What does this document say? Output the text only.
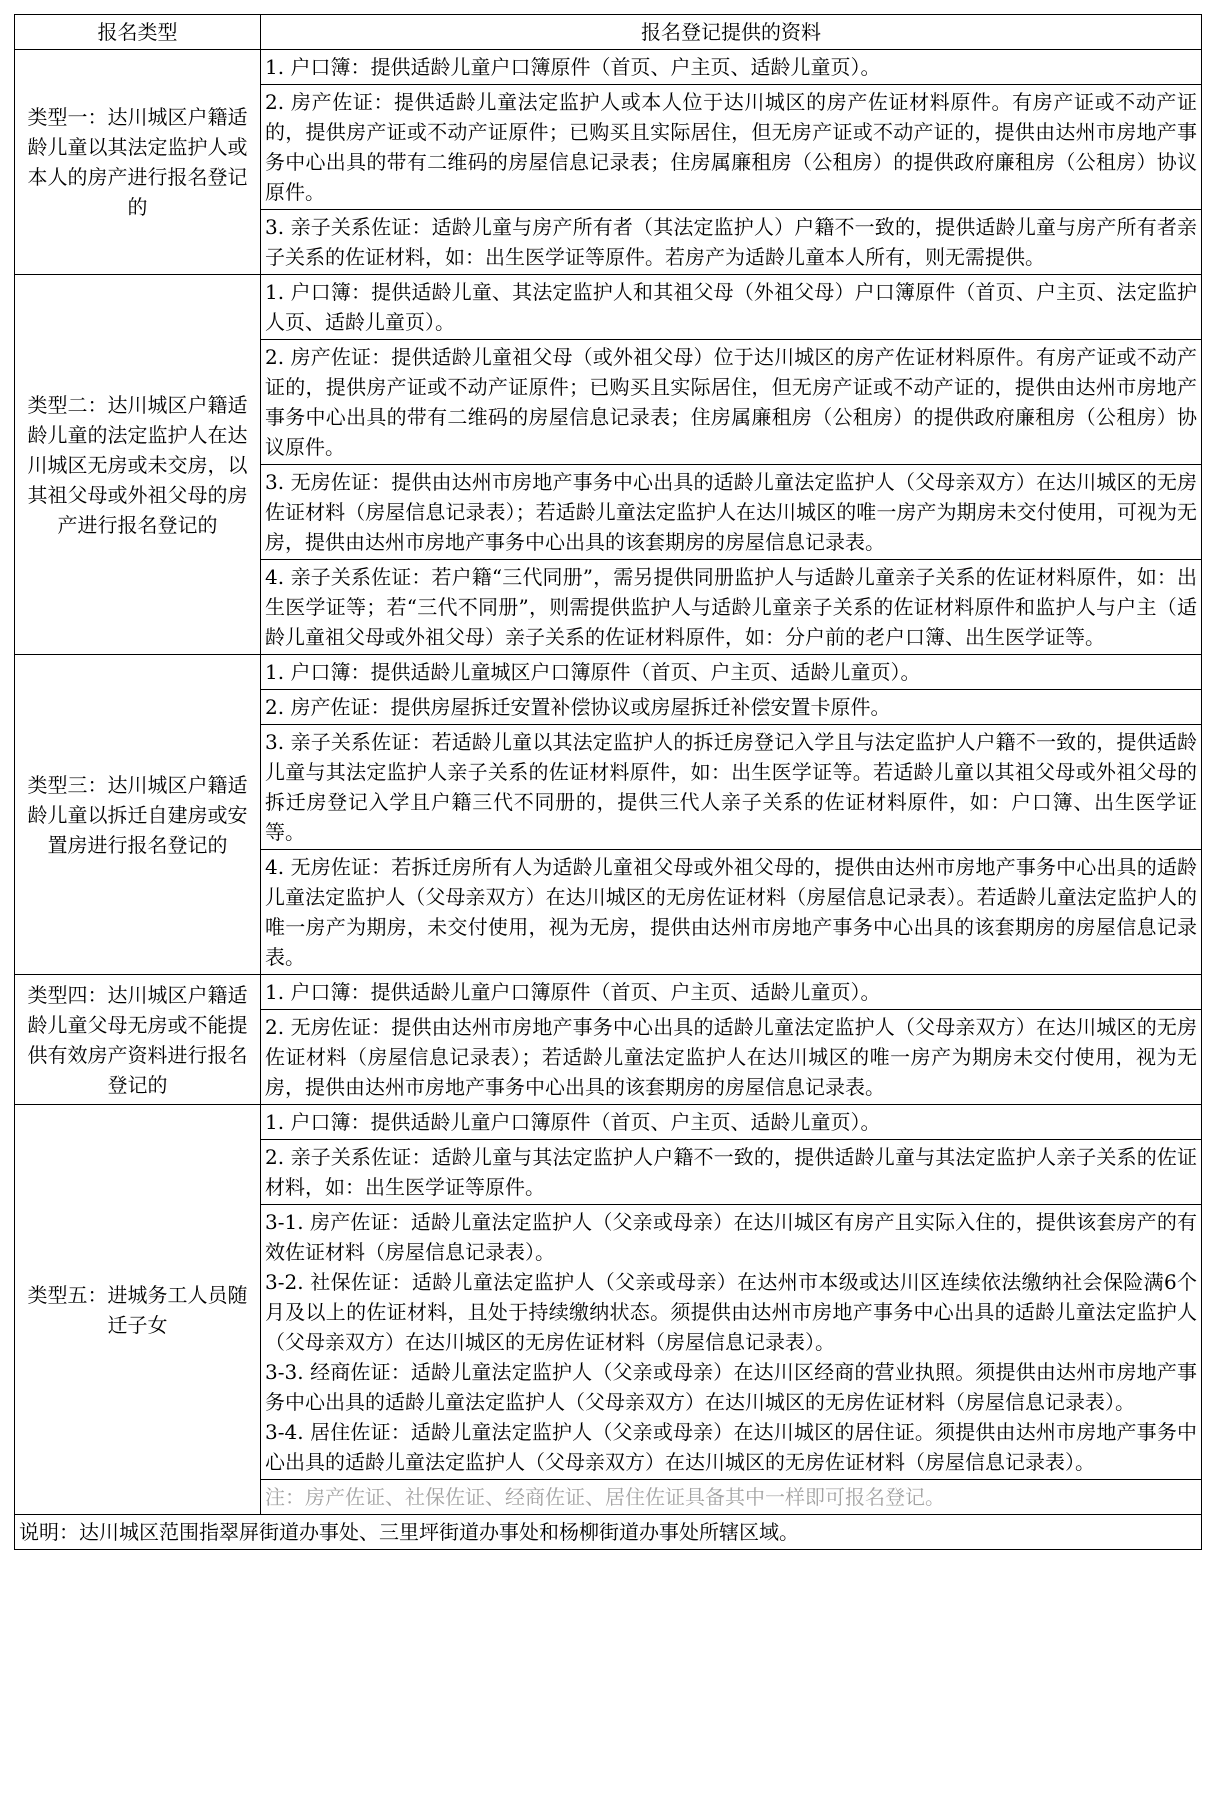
报名类型	报名登记提供的资料
类型一：达川城区户籍适龄儿童以其法定监护人或本人的房产进行报名登记的	1. 户口簿：提供适龄儿童户口簿原件（首页、户主页、适龄儿童页）。
	2. 房产佐证：提供适龄儿童法定监护人或本人位于达川城区的房产佐证材料原件。有房产证或不动产证的，提供房产证或不动产证原件；已购买且实际居住，但无房产证或不动产证的，提供由达州市房地产事务中心出具的带有二维码的房屋信息记录表；住房属廉租房（公租房）的提供政府廉租房（公租房）协议原件。
	3. 亲子关系佐证：适龄儿童与房产所有者（其法定监护人）户籍不一致的，提供适龄儿童与房产所有者亲子关系的佐证材料，如：出生医学证等原件。若房产为适龄儿童本人所有，则无需提供。
类型二：达川城区户籍适龄儿童的法定监护人在达川城区无房或未交房，以其祖父母或外祖父母的房产进行报名登记的	1. 户口簿：提供适龄儿童、其法定监护人和其祖父母（外祖父母）户口簿原件（首页、户主页、法定监护人页、适龄儿童页）。
	2. 房产佐证：提供适龄儿童祖父母（或外祖父母）位于达川城区的房产佐证材料原件。有房产证或不动产证的，提供房产证或不动产证原件；已购买且实际居住，但无房产证或不动产证的，提供由达州市房地产事务中心出具的带有二维码的房屋信息记录表；住房属廉租房（公租房）的提供政府廉租房（公租房）协议原件。
	3. 无房佐证：提供由达州市房地产事务中心出具的适龄儿童法定监护人（父母亲双方）在达川城区的无房佐证材料（房屋信息记录表）；若适龄儿童法定监护人在达川城区的唯一房产为期房未交付使用，可视为无房，提供由达州市房地产事务中心出具的该套期房的房屋信息记录表。
	4. 亲子关系佐证：若户籍“三代同册”，需另提供同册监护人与适龄儿童亲子关系的佐证材料原件，如：出生医学证等；若“三代不同册”，则需提供监护人与适龄儿童亲子关系的佐证材料原件和监护人与户主（适龄儿童祖父母或外祖父母）亲子关系的佐证材料原件，如：分户前的老户口簿、出生医学证等。
类型三：达川城区户籍适龄儿童以拆迁自建房或安置房进行报名登记的	1. 户口簿：提供适龄儿童城区户口簿原件（首页、户主页、适龄儿童页）。
	2. 房产佐证：提供房屋拆迁安置补偿协议或房屋拆迁补偿安置卡原件。
	3. 亲子关系佐证：若适龄儿童以其法定监护人的拆迁房登记入学且与法定监护人户籍不一致的，提供适龄儿童与其法定监护人亲子关系的佐证材料原件，如：出生医学证等。若适龄儿童以其祖父母或外祖父母的拆迁房登记入学且户籍三代不同册的，提供三代人亲子关系的佐证材料原件，如：户口簿、出生医学证等。
	4. 无房佐证：若拆迁房所有人为适龄儿童祖父母或外祖父母的，提供由达州市房地产事务中心出具的适龄儿童法定监护人（父母亲双方）在达川城区的无房佐证材料（房屋信息记录表）。若适龄儿童法定监护人的唯一房产为期房，未交付使用，视为无房，提供由达州市房地产事务中心出具的该套期房的房屋信息记录表。
类型四：达川城区户籍适龄儿童父母无房或不能提供有效房产资料进行报名登记的	1. 户口簿：提供适龄儿童户口簿原件（首页、户主页、适龄儿童页）。
	2. 无房佐证：提供由达州市房地产事务中心出具的适龄儿童法定监护人（父母亲双方）在达川城区的无房佐证材料（房屋信息记录表）；若适龄儿童法定监护人在达川城区的唯一房产为期房未交付使用，视为无房，提供由达州市房地产事务中心出具的该套期房的房屋信息记录表。
类型五：进城务工人员随迁子女	1. 户口簿：提供适龄儿童户口簿原件（首页、户主页、适龄儿童页）。
	2. 亲子关系佐证：适龄儿童与其法定监护人户籍不一致的，提供适龄儿童与其法定监护人亲子关系的佐证材料，如：出生医学证等原件。
	3-1. 房产佐证：适龄儿童法定监护人（父亲或母亲）在达川城区有房产且实际入住的，提供该套房产的有效佐证材料（房屋信息记录表）。
3-2. 社保佐证：适龄儿童法定监护人（父亲或母亲）在达州市本级或达川区连续依法缴纳社会保险满6个月及以上的佐证材料，且处于持续缴纳状态。须提供由达州市房地产事务中心出具的适龄儿童法定监护人（父母亲双方）在达川城区的无房佐证材料（房屋信息记录表）。
3-3. 经商佐证：适龄儿童法定监护人（父亲或母亲）在达川区经商的营业执照。须提供由达州市房地产事务中心出具的适龄儿童法定监护人（父母亲双方）在达川城区的无房佐证材料（房屋信息记录表）。
3-4. 居住佐证：适龄儿童法定监护人（父亲或母亲）在达川城区的居住证。须提供由达州市房地产事务中心出具的适龄儿童法定监护人（父母亲双方）在达川城区的无房佐证材料（房屋信息记录表）。
	注：房产佐证、社保佐证、经商佐证、居住佐证具备其中一样即可报名登记。
说明：达川城区范围指翠屏街道办事处、三里坪街道办事处和杨柳街道办事处所辖区域。	
